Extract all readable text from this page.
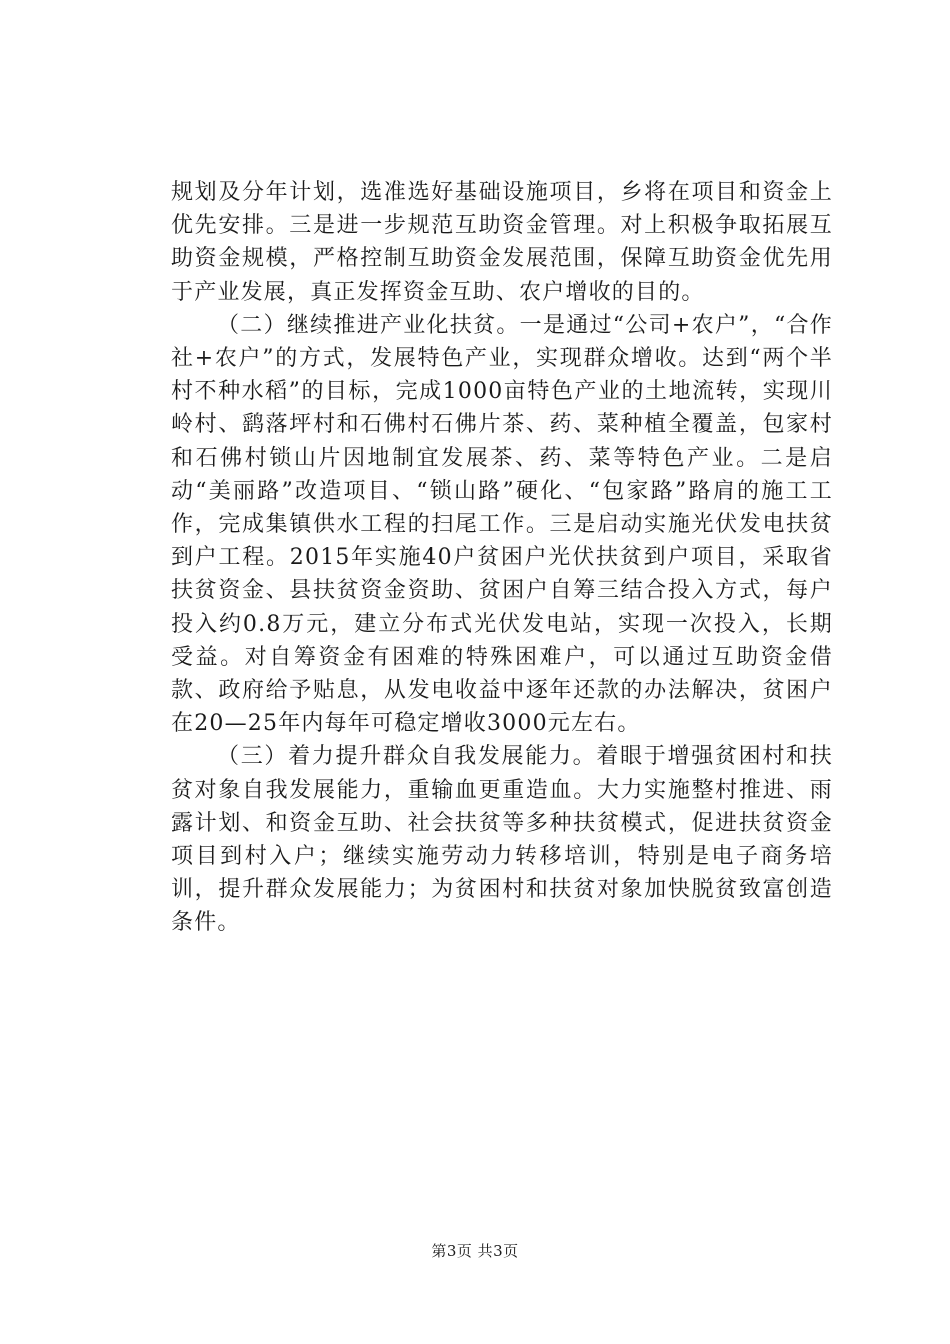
规划及分年计划，选准选好基础设施项目，乡将在项目和资金上优先安排。三是进一步规范互助资金管理。对上积极争取拓展互助资金规模，严格控制互助资金发展范围，保障互助资金优先用于产业发展，真正发挥资金互助、农户增收的目的。

（二）继续推进产业化扶贫。一是通过“公司+农户”，“合作社+农户”的方式，发展特色产业，实现群众增收。达到“两个半村不种水稻”的目标，完成1000亩特色产业的土地流转，实现川岭村、鹞落坪村和石佛村石佛片茶、药、菜种植全覆盖，包家村和石佛村锁山片因地制宜发展茶、药、菜等特色产业。二是启动“美丽路”改造项目、“锁山路”硬化、“包家路”路肩的施工工作，完成集镇供水工程的扫尾工作。三是启动实施光伏发电扶贫到户工程。2015年实施40户贫困户光伏扶贫到户项目，采取省扶贫资金、县扶贫资金资助、贫困户自筹三结合投入方式，每户投入约0.8万元，建立分布式光伏发电站，实现一次投入，长期受益。对自筹资金有困难的特殊困难户，可以通过互助资金借款、政府给予贴息，从发电收益中逐年还款的办法解决，贫困户在20—25年内每年可稳定增收3000元左右。

（三）着力提升群众自我发展能力。着眼于增强贫困村和扶贫对象自我发展能力，重输血更重造血。大力实施整村推进、雨露计划、和资金互助、社会扶贫等多种扶贫模式，促进扶贫资金项目到村入户；继续实施劳动力转移培训，特别是电子商务培训，提升群众发展能力；为贫困村和扶贫对象加快脱贫致富创造条件。

第3页 共3页
